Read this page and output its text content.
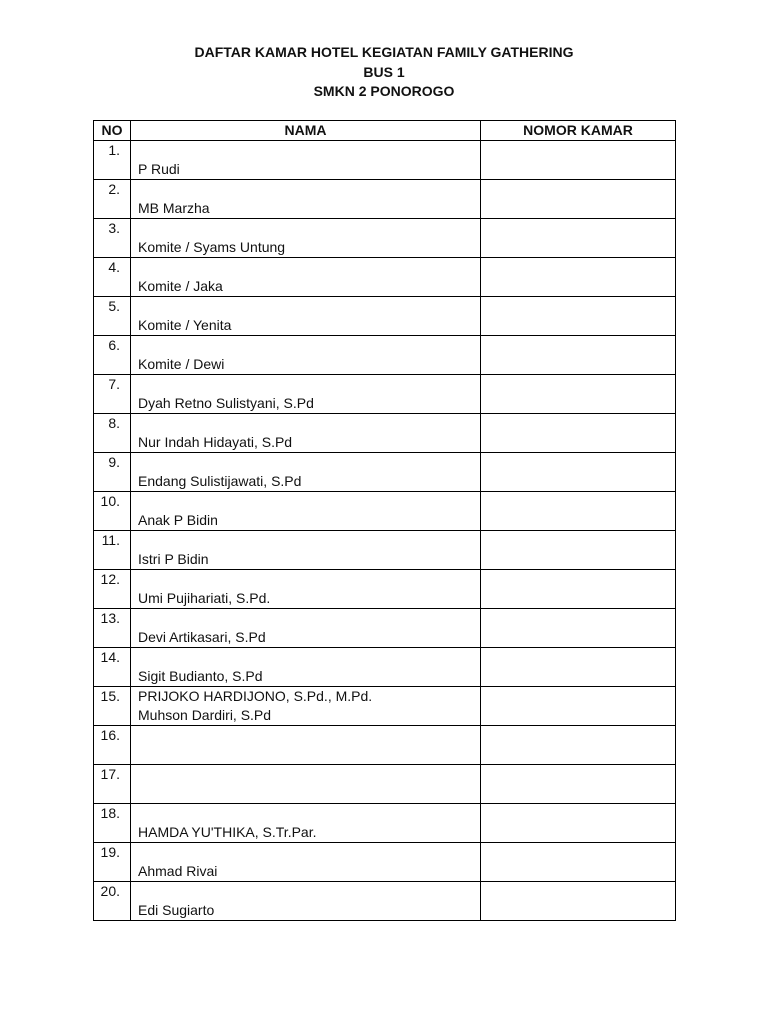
DAFTAR KAMAR HOTEL KEGIATAN FAMILY GATHERING
BUS 1
SMKN 2 PONOROGO
NO	NAMA	NOMOR KAMAR
1.	P Rudi	

2.	MB Marzha	

3.	Komite / Syams Untung	

4.	Komite / Jaka	

5.	Komite / Yenita	

6.	Komite / Dewi	

7.	Dyah Retno Sulistyani, S.Pd	

8.	Nur Indah Hidayati, S.Pd	

9.	Endang Sulistijawati, S.Pd	

10.	Anak P Bidin	

11.	Istri P Bidin	

12.	Umi Pujihariati, S.Pd.	

13.	Devi Artikasari, S.Pd	

14.	Sigit Budianto, S.Pd	

15.	PRIJOKO HARDIJONO, S.Pd., M.Pd.
Muhson Dardiri, S.Pd	

16.	

17.	

18.	HAMDA YU'THIKA, S.Tr.Par.	

19.	Ahmad Rivai	

20.	Edi Sugiarto	
